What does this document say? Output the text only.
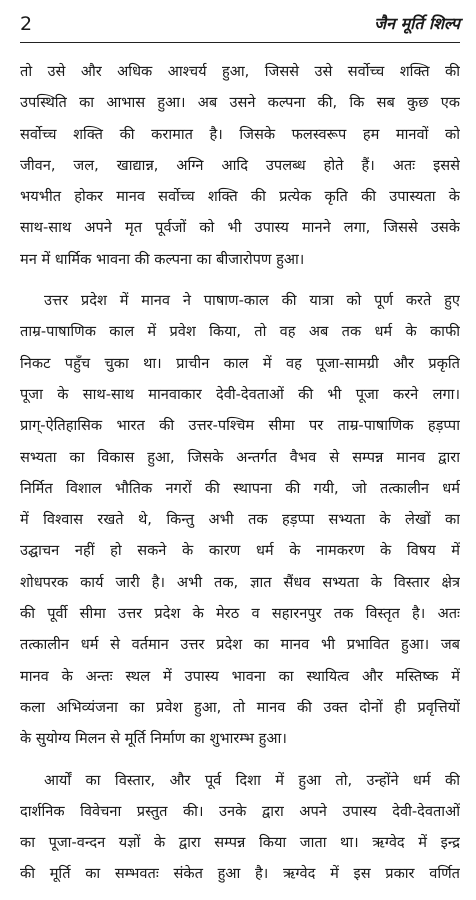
2	जैन मूर्ति शिल्प
तो उसे और अधिक आश्चर्य हुआ, जिससे उसे सर्वोच्च शक्ति की
उपस्थिति का आभास हुआ। अब उसने कल्पना की, कि सब कुछ एक
सर्वोच्च शक्ति की करामात है। जिसके फलस्वरूप हम मानवों को
जीवन, जल, खाद्यान्न, अग्नि आदि उपलब्ध होते हैं। अतः इससे
भयभीत होकर मानव सर्वोच्च शक्ति की प्रत्येक कृति की उपास्यता के
साथ-साथ अपने मृत पूर्वजों को भी उपास्य मानने लगा, जिससे उसके
मन में धार्मिक भावना की कल्पना का बीजारोपण हुआ।
उत्तर प्रदेश में मानव ने पाषाण-काल की यात्रा को पूर्ण करते हुए
ताम्र-पाषाणिक काल में प्रवेश किया, तो वह अब तक धर्म के काफी
निकट पहुँच चुका था। प्राचीन काल में वह पूजा-सामग्री और प्रकृति
पूजा के साथ-साथ मानवाकार देवी-देवताओं की भी पूजा करने लगा।
प्राग्-ऐतिहासिक भारत की उत्तर-पश्चिम सीमा पर ताम्र-पाषाणिक हड़प्पा
सभ्यता का विकास हुआ, जिसके अन्तर्गत वैभव से सम्पन्न मानव द्वारा
निर्मित विशाल भौतिक नगरों की स्थापना की गयी, जो तत्कालीन धर्म
में विश्वास रखते थे, किन्तु अभी तक हड़प्पा सभ्यता के लेखों का
उद्घाचन नहीं हो सकने के कारण धर्म के नामकरण के विषय में
शोधपरक कार्य जारी है। अभी तक, ज्ञात सैंधव सभ्यता के विस्तार क्षेत्र
की पूर्वी सीमा उत्तर प्रदेश के मेरठ व सहारनपुर तक विस्तृत है। अतः
तत्कालीन धर्म से वर्तमान उत्तर प्रदेश का मानव भी प्रभावित हुआ। जब
मानव के अन्तः स्थल में उपास्य भावना का स्थायित्व और मस्तिष्क में
कला अभिव्यंजना का प्रवेश हुआ, तो मानव की उक्त दोनों ही प्रवृत्तियों
के सुयोग्य मिलन से मूर्ति निर्माण का शुभारम्भ हुआ।
आर्यों का विस्तार, और पूर्व दिशा में हुआ तो, उन्होंने धर्म की
दार्शनिक विवेचना प्रस्तुत की। उनके द्वारा अपने उपास्य देवी-देवताओं
का पूजा-वन्दन यज्ञों के द्वारा सम्पन्न किया जाता था। ऋग्वेद में इन्द्र
की मूर्ति का सम्भवतः संकेत हुआ है। ऋग्वेद में इस प्रकार वर्णित
